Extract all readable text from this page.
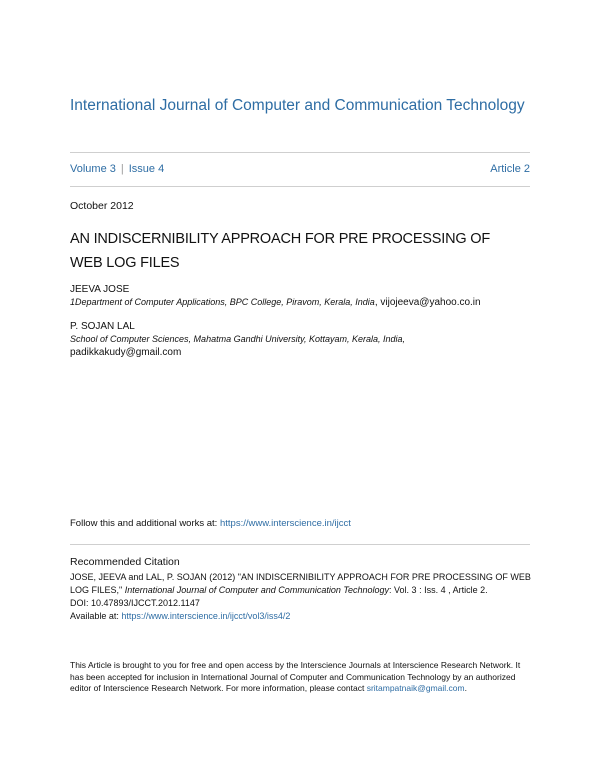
International Journal of Computer and Communication Technology
Volume 3 | Issue 4	Article 2
October 2012
AN INDISCERNIBILITY APPROACH FOR PRE PROCESSING OF
WEB LOG FILES
JEEVA JOSE
1Department of Computer Applications, BPC College, Piravom, Kerala, India, vijojeeva@yahoo.co.in
P. SOJAN LAL
School of Computer Sciences, Mahatma Gandhi University, Kottayam, Kerala, India,
padikkakudy@gmail.com
Follow this and additional works at: https://www.interscience.in/ijcct
Recommended Citation
JOSE, JEEVA and LAL, P. SOJAN (2012) "AN INDISCERNIBILITY APPROACH FOR PRE PROCESSING OF WEB LOG FILES," International Journal of Computer and Communication Technology: Vol. 3 : Iss. 4 , Article 2.
DOI: 10.47893/IJCCT.2012.1147
Available at: https://www.interscience.in/ijcct/vol3/iss4/2
This Article is brought to you for free and open access by the Interscience Journals at Interscience Research Network. It has been accepted for inclusion in International Journal of Computer and Communication Technology by an authorized editor of Interscience Research Network. For more information, please contact sritampatnaik@gmail.com.
